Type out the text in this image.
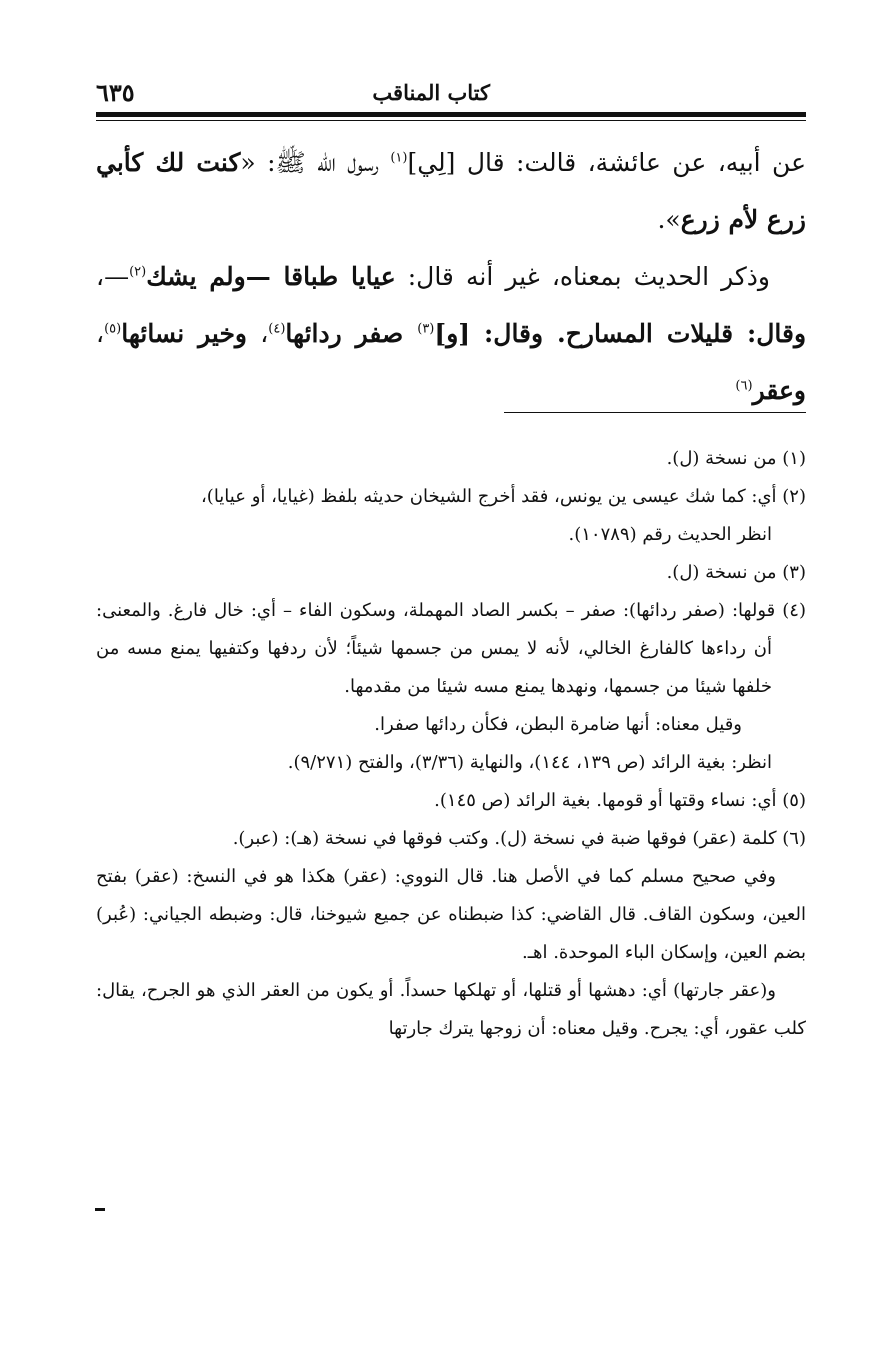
كتاب المناقب
٦٣٥

عن أبيه، عن عائشة، قالت: قال [لِي]$^{(١)}$ رسول الله ﷺ: «كنت لك كأبي زرع لأم زرع».

وذكر الحديث بمعناه، غير أنه قال: عيايا طباقا —ولم يشك$^{(٢)}$—، وقال: قليلات المسارح. وقال: [و]$^{(٣)}$ صفر ردائها$^{(٤)}$، وخير نسائها$^{(٥)}$، وعقر$^{(٦)}$

(١) من نسخة (ل).

(٢) أي: كما شك عيسى ين يونس، فقد أخرج الشيخان حديثه بلفظ (غيايا، أو عيايا)،

انظر الحديث رقم (١٠٧٨٩).

(٣) من نسخة (ل).

(٤) قولها: (صفر ردائها): صفر – بكسر الصاد المهملة، وسكون الفاء – أي: خال فارغ. والمعنى: أن رداءها كالفارغ الخالي، لأنه لا يمس من جسمها شيئاً؛ لأن ردفها وكتفيها يمنع مسه من خلفها شيئا من جسمها، ونهدها يمنع مسه شيئا من مقدمها.

وقيل معناه: أنها ضامرة البطن، فكأن ردائها صفرا.

انظر: بغية الرائد (ص ١٣٩، ١٤٤)، والنهاية (٣/٣٦)، والفتح (٩/٢٧١).

(٥) أي: نساء وقتها أو قومها. بغية الرائد (ص ١٤٥).

(٦) كلمة (عقر) فوقها ضبة في نسخة (ل). وكتب فوقها في نسخة (هـ): (عبر).

وفي صحيح مسلم كما في الأصل هنا. قال النووي: (عقر) هكذا هو في النسخ: (عقر) بفتح العين، وسكون القاف. قال القاضي: كذا ضبطناه عن جميع شيوخنا، قال: وضبطه الجياني: (عُبر) بضم العين، وإسكان الباء الموحدة. اهـ.

و(عقر جارتها) أي: دهشها أو قتلها، أو تهلكها حسداً. أو يكون من العقر الذي هو الجرح، يقال: كلب عقور، أي: يجرح. وقيل معناه: أن زوجها يترك جارتها
